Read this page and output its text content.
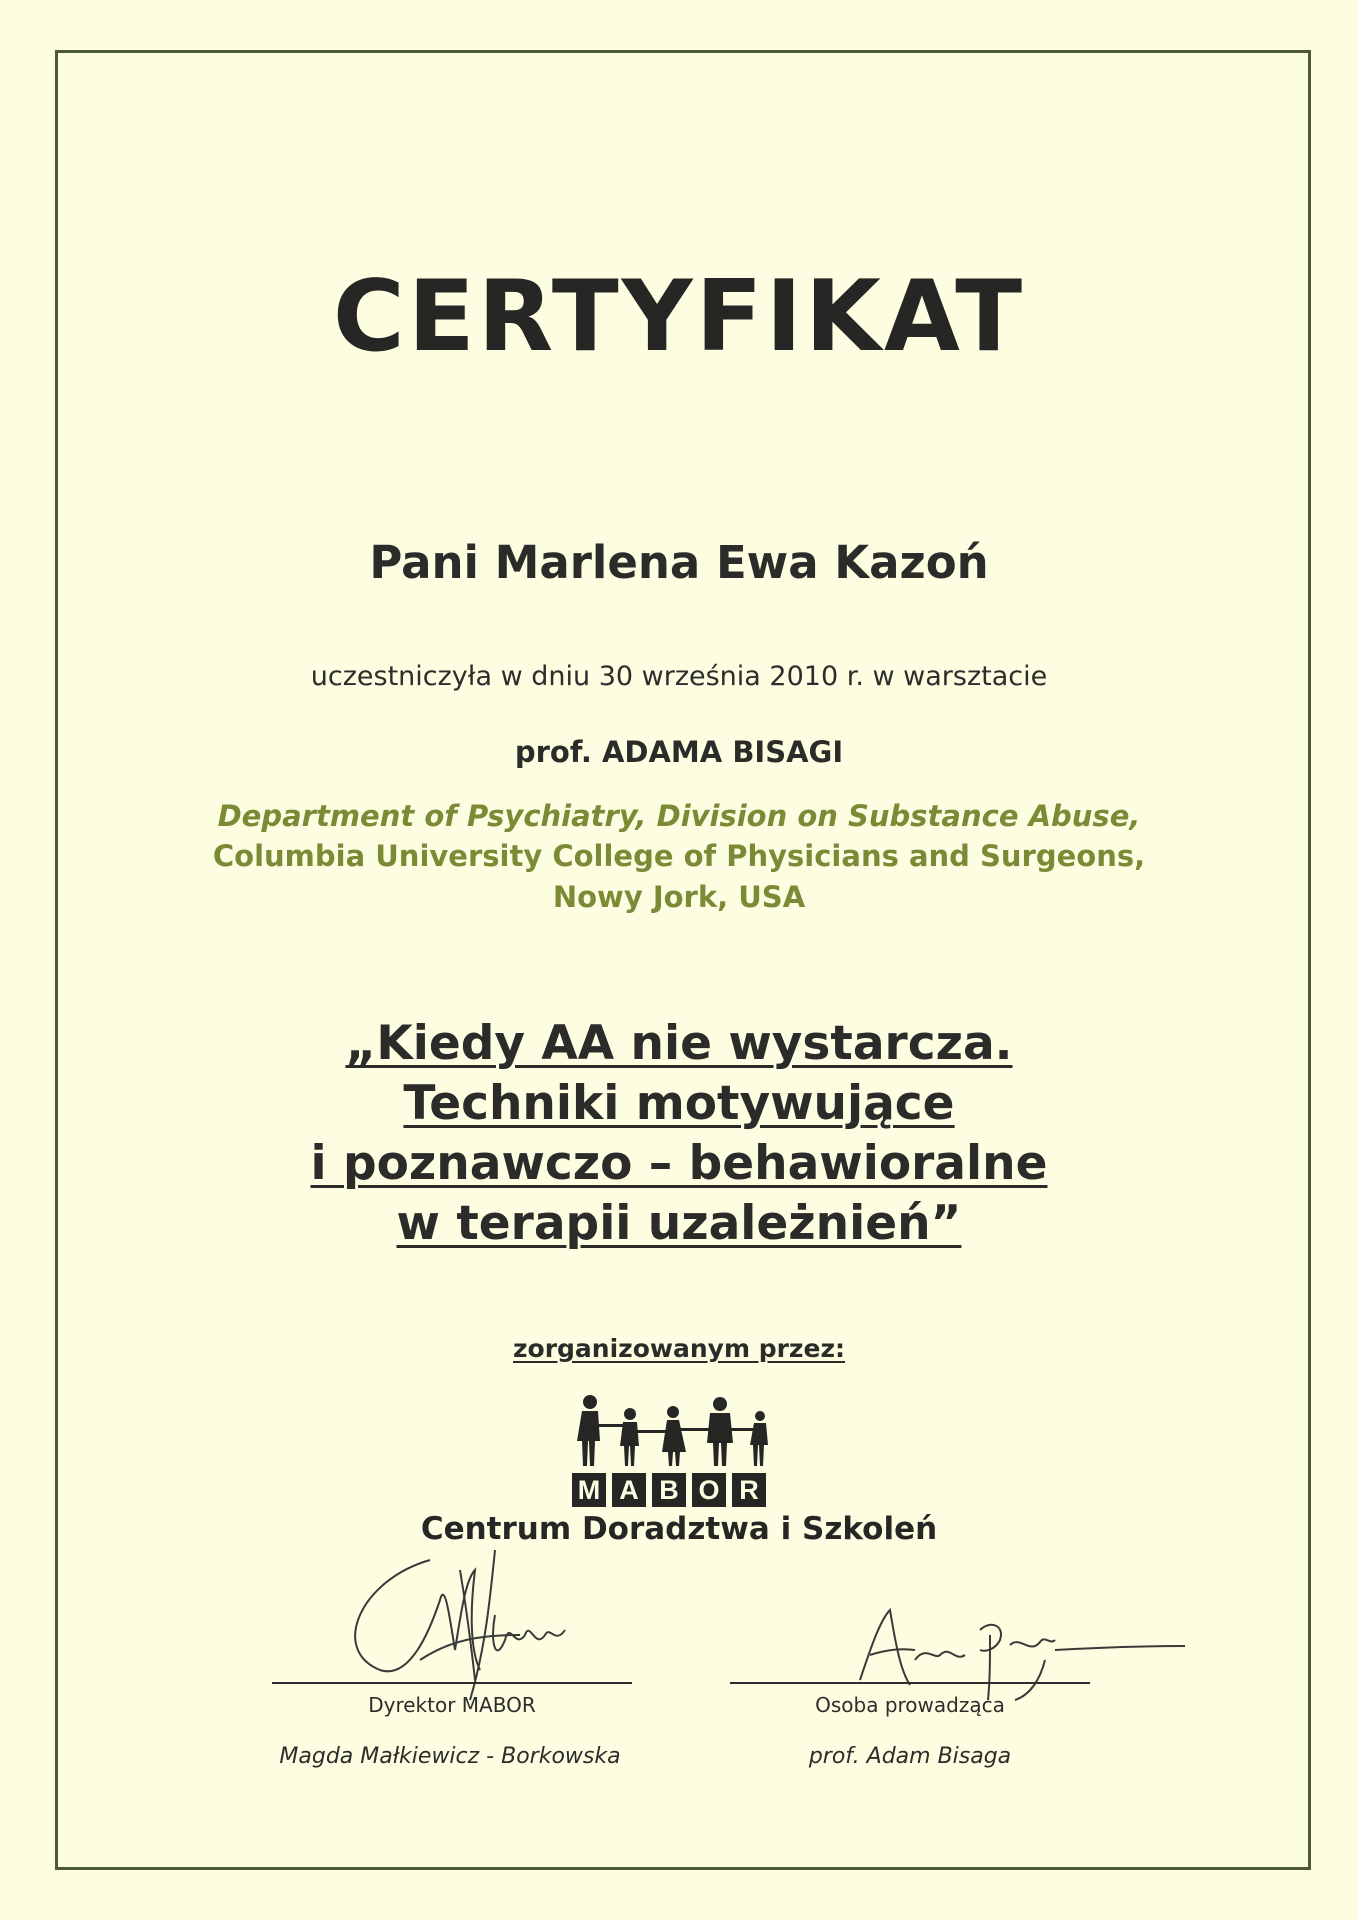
CERTYFIKAT
Pani Marlena Ewa Kazoń
uczestniczyła w dniu 30 września 2010 r. w warsztacie
prof. ADAMA BISAGI
Department of Psychiatry, Division on Substance Abuse,
Columbia University College of Physicians and Surgeons,
Nowy Jork, USA
„Kiedy AA nie wystarcza.
Techniki motywujące
i poznawczo – behawioralne
w terapii uzależnień”
zorganizowanym przez:
M A B O R
Centrum Doradztwa i Szkoleń
Dyrektor MABOR	Osoba prowadząca
Magda Małkiewicz - Borkowska	prof. Adam Bisaga
